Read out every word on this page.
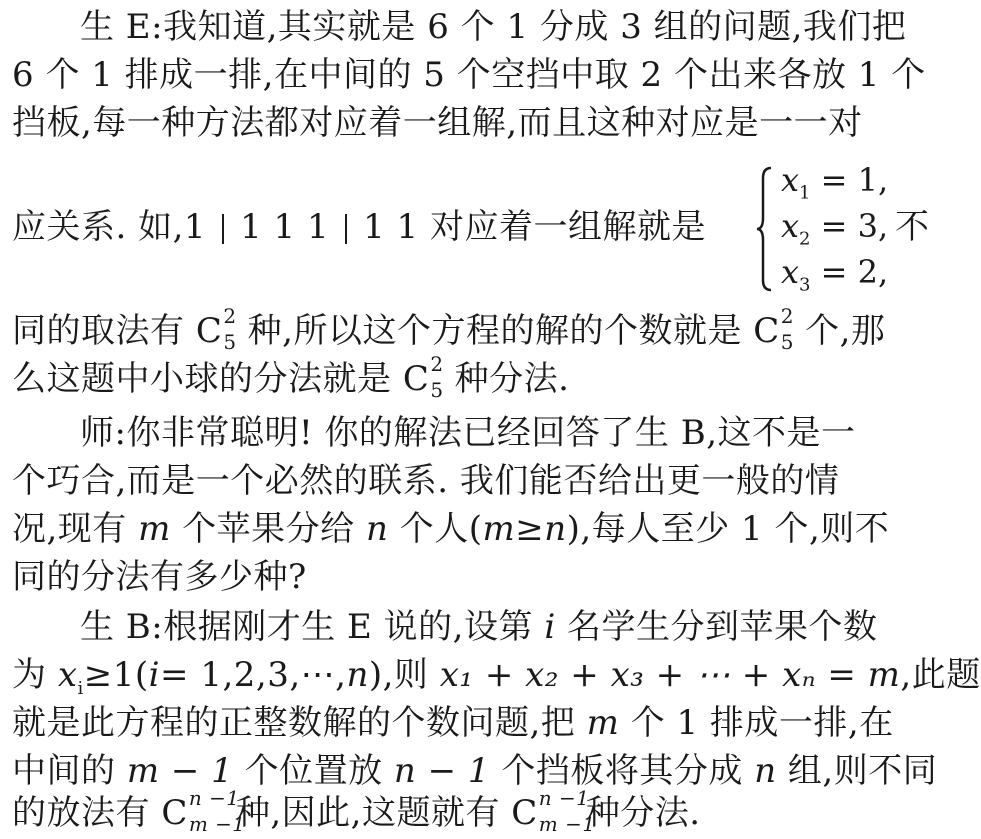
生 E:我知道,其实就是 6 个 1 分成 3 组的问题,我们把
6 个 1 排成一排,在中间的 5 个空挡中取 2 个出来各放 1 个
挡板,每一种方法都对应着一组解,而且这种对应是一一对
应关系. 如,1 1 1 1 1 1 对应着一组解就是	不
$x_1 = 1$,
$x_2 = 3$,
$x_3 = 2$,
同的取法有 C 2
5 种,所以这个方程的解的个数就是 C 2
5 个,那
么这题中小球的分法就是 C 2
5 种分法.
师:你非常聪明! 你的解法已经回答了生 B,这不是一
个巧合,而是一个必然的联系. 我们能否给出更一般的情
况,现有 m 个苹果分给 n 个人(m≥n),每人至少 1 个,则不
同的分法有多少种?
生 B:根据刚才生 E 说的,设第 i 名学生分到苹果个数
为 $x_i\ge 1(i=$ 1,2,3,⋯,n),则 x₁ + x₂ + x₃ + ⋯ + xₙ = m,此题
就是此方程的正整数解的个数问题,把 m 个 1 排成一排,在
中间的 m − 1 个位置放 n − 1 个挡板将其分成 n 组,则不同
的放法有 C n −1
m −1
种,因此,这题就有 C n −1
m −1
种分法.
